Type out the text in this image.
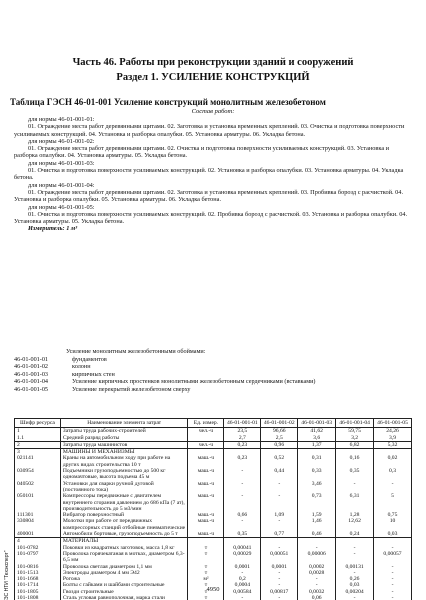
Часть 46. Работы при реконструкции зданий и сооружений
Раздел 1. УСИЛЕНИЕ КОНСТРУКЦИЙ
Таблица ГЭСН 46-01-001 Усиление конструкций монолитным железобетоном
Состав работ:

для нормы 46-01-001-01:

01. Ограждение места работ деревянными щитами. 02. Заготовка и установка временных креплений. 03. Очистка и подготовка поверхности усиливаемых конструкций. 04. Установка и разборка опалубки. 05. Установка арматуры. 06. Укладка бетона.

для нормы 46-01-001-02:

01. Ограждение места работ деревянными щитами. 02. Очистка и подготовка поверхности усиливаемых конструкций. 03. Установка и разборка опалубки. 04. Установка арматуры. 05. Укладка бетона.

для нормы 46-01-001-03:

01. Очистка и подготовка поверхности усиливаемых конструкций. 02. Установка и разборка опалубки. 03. Установка арматуры. 04. Укладка бетона.

для нормы 46-01-001-04:

01. Ограждение места работ деревянными щитами. 02. Заготовка и установка временных креплений. 03. Пробивка борозд с расчисткой. 04. Установка и разборка опалубки. 05. Установка арматуры. 06. Укладка бетона.

для нормы 46-01-001-05:

01. Очистка и подготовка поверхности усиливаемых конструкций. 02. Пробивка борозд с расчисткой. 03. Установка и разборка опалубки. 04. Установка арматуры. 05. Укладка бетона.

Измеритель: 1 м³

Усиление монолитным железобетонными обоймами:
46-01-001-01	фундаментов
46-01-001-02	колонн
46-01-001-03	кирпичных стен
46-01-001-04	Усиление кирпичных простенков монолитными железобетонным сердечниками (вставками)
46-01-001-05	Усиление перекрытий железобетоном сверху
Шифр ресурса	Наименование элемента затрат	Ед. измер.	46-01-001-01	46-01-001-02	46-01-001-03	46-01-001-04	46-01-001-05
1	Затраты труда рабочих-строителей	чел.-ч	23,5	96,66	41,62	59,75	24,26
1.1	Средний разряд работы		2,7	2,5	3,6	3,2	3,9
2	Затраты труда машинистов	чел.-ч	0,23	0,96	1,37	6,82	5,32
3	МАШИНЫ И МЕХАНИЗМЫ						
021141	Краны на автомобильном ходу при работе на других видах строительства 10 т	маш.-ч	0,23	0,52	0,31	0,16	0,02
030954	Подъемники грузоподъемностью до 500 кг одномачтовые, высота подъема 45 м	маш.-ч	-	0,44	0,33	0,35	0,3
040502	Установки для сварки ручной дуговой (постоянного тока)	маш.-ч	-	-	3,46	-	-
050101	Компрессоры передвижные с двигателем внутреннего сгорания давлением до 686 кПа (7 ат), производительность до 5 м3/мин	маш.-ч	-	-	0,73	6,31	5
111301	Вибратор поверхностный	маш.-ч	0,66	1,09	1,59	1,28	0,75
330804	Молотки при работе от передвижных компрессорных станций отбойные пневматические	маш.-ч	-	-	1,46	12,62	10
400001	Автомобили бортовые, грузоподъемность до 5 т	маш.-ч	0,35	0,77	0,46	0,24	0,03
4	МАТЕРИАЛЫ						
101-0782	Поковки из квадратных заготовок, масса 1,8 кг	т	0,00041	-	-	-	-
101-0797	Проволока горячекатаная в мотках, диаметром 6,3-6,5 мм	т	0,00029	0,00051	0,00006	-	0,00057
101-0816	Проволока светлая диаметром 1,1 мм	т	0,0001	0,0001	0,0002	0,00131	-
101-1513	Электроды диаметром 4 мм Э42	т	-	-	0,0028	-	-
101-1668	Рогожа	м²	0,2	-	-	0,26	-
101-1714	Болты с гайками и шайбами строительные	т	0,0004	-	-	0,03	-
101-1805	Гвозди строительные	т	0,00584	0,00817	0,0032	0,00204	-
101-1808	Сталь угловая равнополочная, марка стали	т	-	-	0,06	-	-
ЭС НТИ "Техэксперт"	4950
